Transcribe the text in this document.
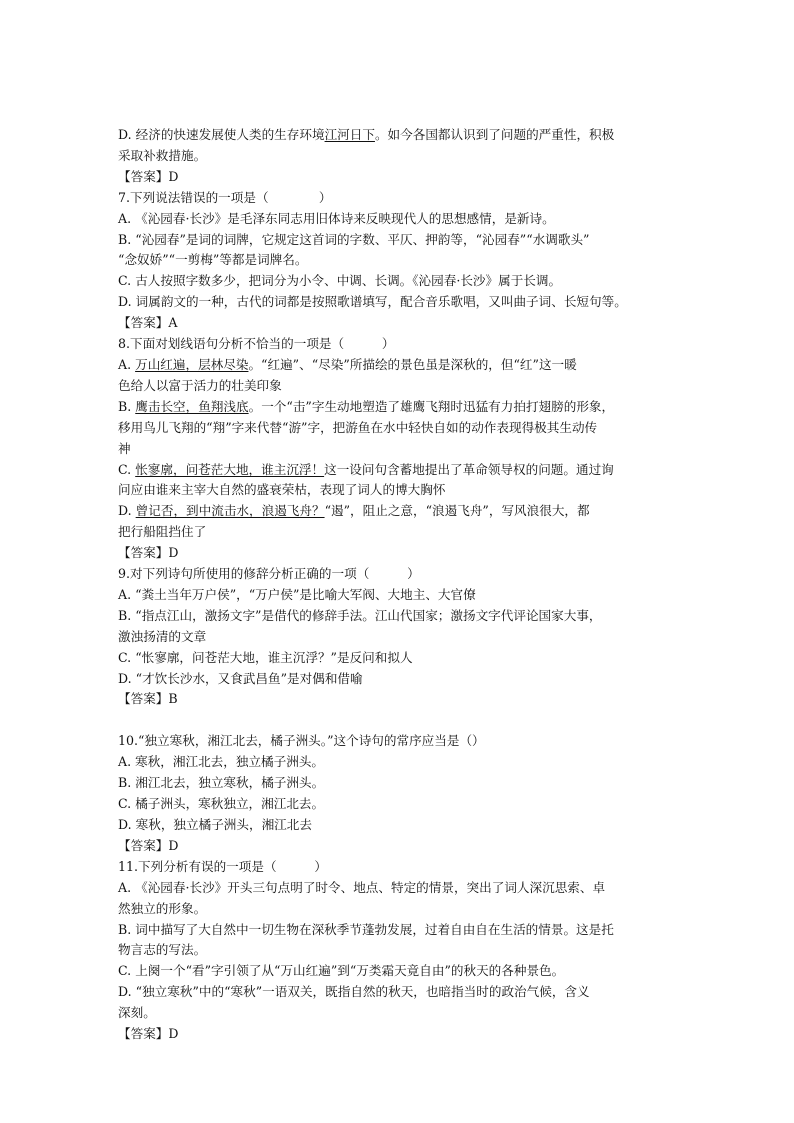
D. 经济的快速发展使人类的生存环境江河日下。如今各国都认识到了问题的严重性，积极
采取补救措施。
【答案】D
7.下列说法错误的一项是（　　　　）
A. 《沁园春·长沙》是毛泽东同志用旧体诗来反映现代人的思想感情，是新诗。
B. “沁园春”是词的词牌，它规定这首词的字数、平仄、押韵等，“沁园春”“水调歌头”
“念奴娇”“一剪梅”等都是词牌名。
C. 古人按照字数多少，把词分为小令、中调、长调。《沁园春·长沙》属于长调。
D. 词属韵文的一种，古代的词都是按照歌谱填写，配合音乐歌唱，又叫曲子词、长短句等。
【答案】A
8.下面对划线语句分析不恰当的一项是（　　　）
A. 万山红遍，层林尽染。“红遍”、“尽染”所描绘的景色虽是深秋的，但“红”这一暖
色给人以富于活力的壮美印象
B. 鹰击长空，鱼翔浅底。一个“击”字生动地塑造了雄鹰飞翔时迅猛有力拍打翅膀的形象，
移用鸟儿飞翔的“翔”字来代替“游”字，把游鱼在水中轻快自如的动作表现得极其生动传
神
C. 怅寥廓，问苍茫大地，谁主沉浮！这一设问句含蓄地提出了革命领导权的问题。通过询
问应由谁来主宰大自然的盛衰荣枯，表现了词人的博大胸怀
D. 曾记否，到中流击水，浪遏飞舟？“遏”，阻止之意，“浪遏飞舟”，写风浪很大，都
把行船阻挡住了
【答案】D
9.对下列诗句所使用的修辞分析正确的一项（　　　）
A. “粪土当年万户侯”，“万户侯”是比喻大军阀、大地主、大官僚
B. “指点江山，激扬文字”是借代的修辞手法。江山代国家；激扬文字代评论国家大事，
激浊扬清的文章
C. “怅寥廓，问苍茫大地，谁主沉浮？”是反问和拟人
D. “才饮长沙水，又食武昌鱼”是对偶和借喻
【答案】B
10.“独立寒秋，湘江北去，橘子洲头。”这个诗句的常序应当是（）
A. 寒秋，湘江北去，独立橘子洲头。
B. 湘江北去，独立寒秋，橘子洲头。
C. 橘子洲头，寒秋独立，湘江北去。
D. 寒秋，独立橘子洲头，湘江北去
【答案】D
11.下列分析有误的一项是（　　　）
A. 《沁园春·长沙》开头三句点明了时令、地点、特定的情景，突出了词人深沉思索、卓
然独立的形象。
B. 词中描写了大自然中一切生物在深秋季节蓬勃发展，过着自由自在生活的情景。这是托
物言志的写法。
C. 上阕一个“看”字引领了从“万山红遍”到“万类霜天竟自由”的秋天的各种景色。
D. “独立寒秋”中的“寒秋”一语双关，既指自然的秋天，也暗指当时的政治气候，含义
深刻。
【答案】D
